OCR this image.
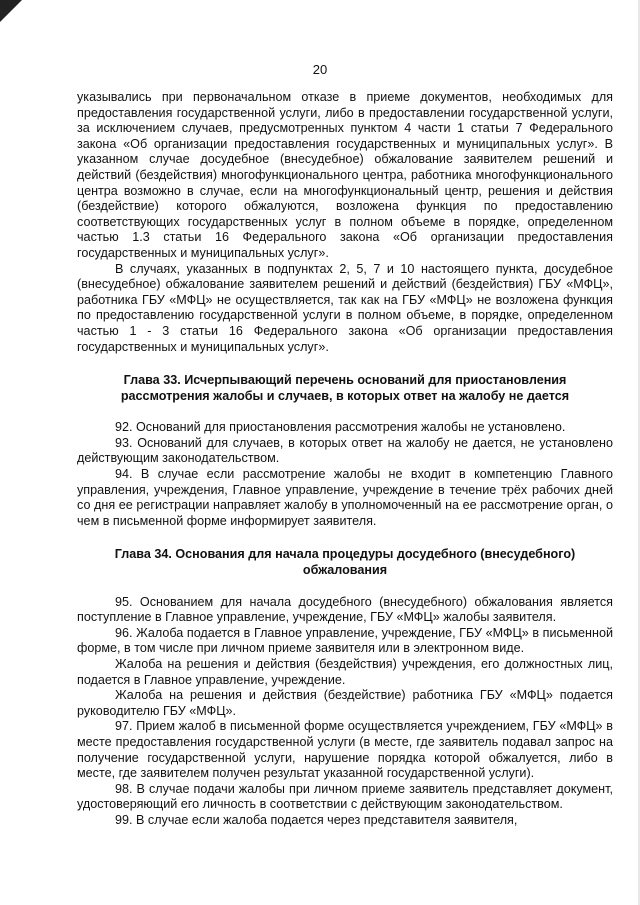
20

указывались при первоначальном отказе в приеме документов, необходимых для предоставления государственной услуги, либо в предоставлении государственной услуги, за исключением случаев, предусмотренных пунктом 4 части 1 статьи 7 Федерального закона «Об организации предоставления государственных и муниципальных услуг». В указанном случае досудебное (внесудебное) обжалование заявителем решений и действий (бездействия) многофункционального центра, работника многофункционального центра возможно в случае, если на многофункциональный центр, решения и действия (бездействие) которого обжалуются, возложена функция по предоставлению соответствующих государственных услуг в полном объеме в порядке, определенном частью 1.3 статьи 16 Федерального закона «Об организации предоставления государственных и муниципальных услуг».

В случаях, указанных в подпунктах 2, 5, 7 и 10 настоящего пункта, досудебное (внесудебное) обжалование заявителем решений и действий (бездействия) ГБУ «МФЦ», работника ГБУ «МФЦ» не осуществляется, так как на ГБУ «МФЦ» не возложена функция по предоставлению государственной услуги в полном объеме, в порядке, определенном частью 1 - 3 статьи 16 Федерального закона «Об организации предоставления государственных и муниципальных услуг».

Глава 33. Исчерпывающий перечень оснований для приостановления рассмотрения жалобы и случаев, в которых ответ на жалобу не дается

92. Оснований для приостановления рассмотрения жалобы не установлено.

93. Оснований для случаев, в которых ответ на жалобу не дается, не установлено действующим законодательством.

94. В случае если рассмотрение жалобы не входит в компетенцию Главного управления, учреждения, Главное управление, учреждение в течение трёх рабочих дней со дня ее регистрации направляет жалобу в уполномоченный на ее рассмотрение орган, о чем в письменной форме информирует заявителя.

Глава 34. Основания для начала процедуры досудебного (внесудебного) обжалования

95. Основанием для начала досудебного (внесудебного) обжалования является поступление в Главное управление, учреждение, ГБУ «МФЦ» жалобы заявителя.

96. Жалоба подается в Главное управление, учреждение, ГБУ «МФЦ» в письменной форме, в том числе при личном приеме заявителя или в электронном виде.

Жалоба на решения и действия (бездействия) учреждения, его должностных лиц, подается в Главное управление, учреждение.

Жалоба на решения и действия (бездействие) работника ГБУ «МФЦ» подается руководителю ГБУ «МФЦ».

97. Прием жалоб в письменной форме осуществляется учреждением, ГБУ «МФЦ» в месте предоставления государственной услуги (в месте, где заявитель подавал запрос на получение государственной услуги, нарушение порядка которой обжалуется, либо в месте, где заявителем получен результат указанной государственной услуги).

98. В случае подачи жалобы при личном приеме заявитель представляет документ, удостоверяющий его личность в соответствии с действующим законодательством.

99. В случае если жалоба подается через представителя заявителя,
